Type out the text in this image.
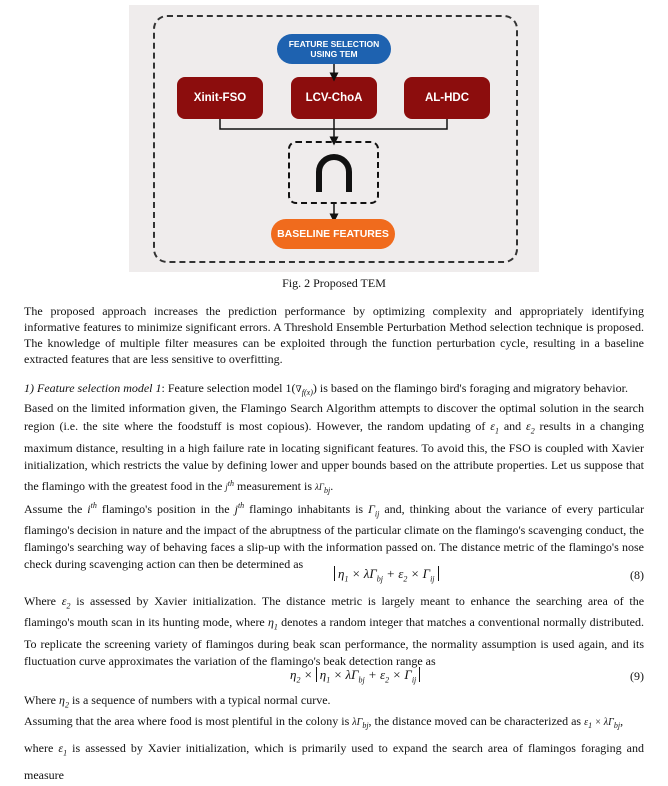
FEATURE SELECTION
USING TEM
Xinit-FSO	LCV-ChoA	AL-HDC
BASELINE FEATURES
Fig. 2 Proposed TEM
The proposed approach increases the prediction performance by optimizing complexity and appropriately identifying informative features to minimize significant errors. A Threshold Ensemble Perturbation Method selection technique is proposed. The knowledge of multiple filter measures can be exploited through the function perturbation cycle, resulting in a baseline extracted features that are less sensitive to overfitting.
1) Feature selection model 1: Feature selection model $1(\nabla_{f(x)})$ is based on the flamingo bird's foraging and migratory behavior.
Based on the limited information given, the Flamingo Search Algorithm attempts to discover the optimal solution in the search region (i.e. the site where the foodstuff is most copious). However, the random updating of $\varepsilon_1$ and $\varepsilon_2$ results in a changing maximum distance, resulting in a high failure rate in locating significant features. To avoid this, the FSO is coupled with Xavier initialization, which restricts the value by defining lower and upper bounds based on the attribute properties. Let us suppose that the flamingo with the greatest food in the $j^{th}$ measurement is $\lambda\Gamma_{bj}$.
Assume the $i^{th}$ flamingo's position in the $j^{th}$ flamingo inhabitants is $\Gamma_{ij}$ and, thinking about the variance of every particular flamingo's decision in nature and the impact of the abruptness of the particular climate on the flamingo's scavenging conduct, the flamingo's searching way of behaving faces a slip-up with the information passed on. The distance metric of the flamingo's nose check during scavenging action can then be determined as
$\eta_1 \times \lambda\Gamma_{bj} + \varepsilon_2 \times \Gamma_{ij}$	(8)
Where $\varepsilon_2$ is assessed by Xavier initialization. The distance metric is largely meant to enhance the searching area of the flamingo's mouth scan in its hunting mode, where $\eta_1$ denotes a random integer that matches a conventional normally distributed. To replicate the screening variety of flamingos during beak scan performance, the normality assumption is used again, and its fluctuation curve approximates the variation of the flamingo's beak detection range as
$\eta_2 \times \eta_1 \times \lambda\Gamma_{bj} + \varepsilon_2 \times \Gamma_{ij}$	(9)
Where $\eta_2$ is a sequence of numbers with a typical normal curve.
Assuming that the area where food is most plentiful in the colony is $\lambda\Gamma_{bj}$, the distance moved can be characterized as $\varepsilon_1 \times \lambda\Gamma_{bj}$,
where $\varepsilon_1$ is assessed by Xavier initialization, which is primarily used to expand the search area of flamingos foraging and measure
